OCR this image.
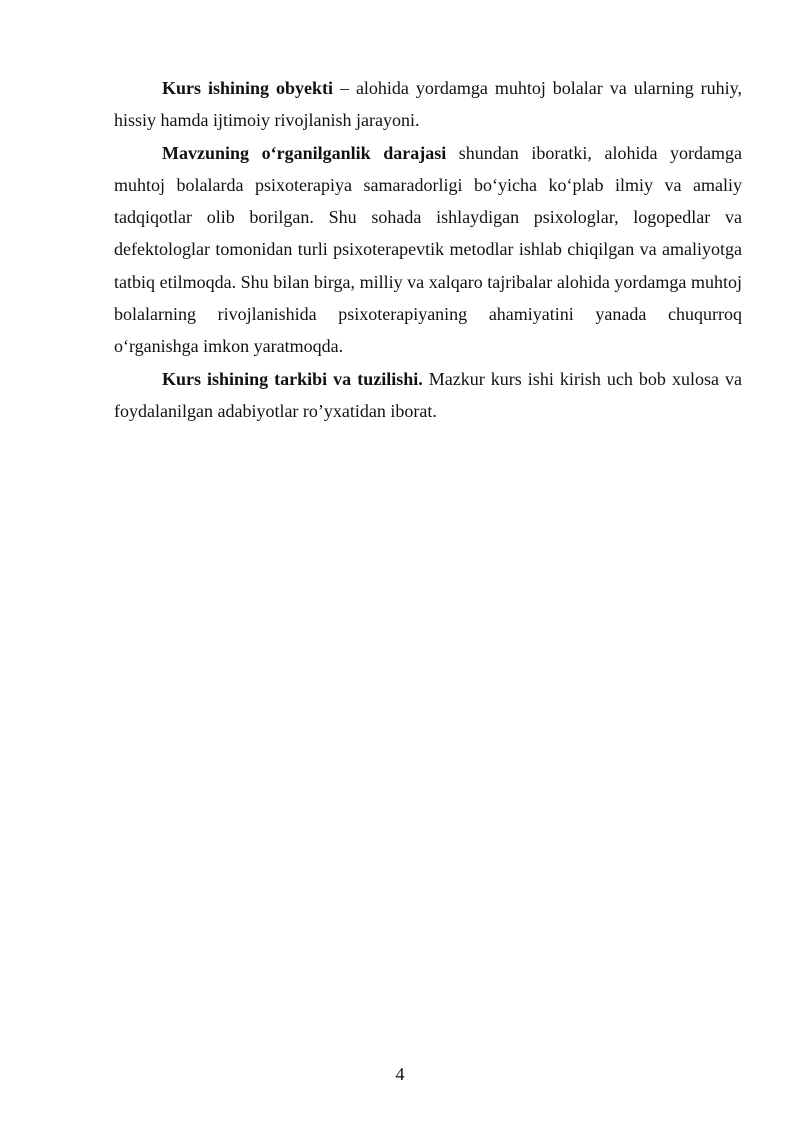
Kurs ishining obyekti – alohida yordamga muhtoj bolalar va ularning ruhiy, hissiy hamda ijtimoiy rivojlanish jarayoni.

Mavzuning o‘rganilganlik darajasi shundan iboratki, alohida yordamga muhtoj bolalarda psixoterapiya samaradorligi bo‘yicha ko‘plab ilmiy va amaliy tadqiqotlar olib borilgan. Shu sohada ishlaydigan psixologlar, logopedlar va defektologlar tomonidan turli psixoterapevtik metodlar ishlab chiqilgan va amaliyotga tatbiq etilmoqda. Shu bilan birga, milliy va xalqaro tajribalar alohida yordamga muhtoj bolalarning rivojlanishida psixoterapiyaning ahamiyatini yanada chuqurroq o‘rganishga imkon yaratmoqda.

Kurs ishining tarkibi va tuzilishi. Mazkur kurs ishi kirish uch bob xulosa va foydalanilgan adabiyotlar ro’yxatidan iborat.

4
